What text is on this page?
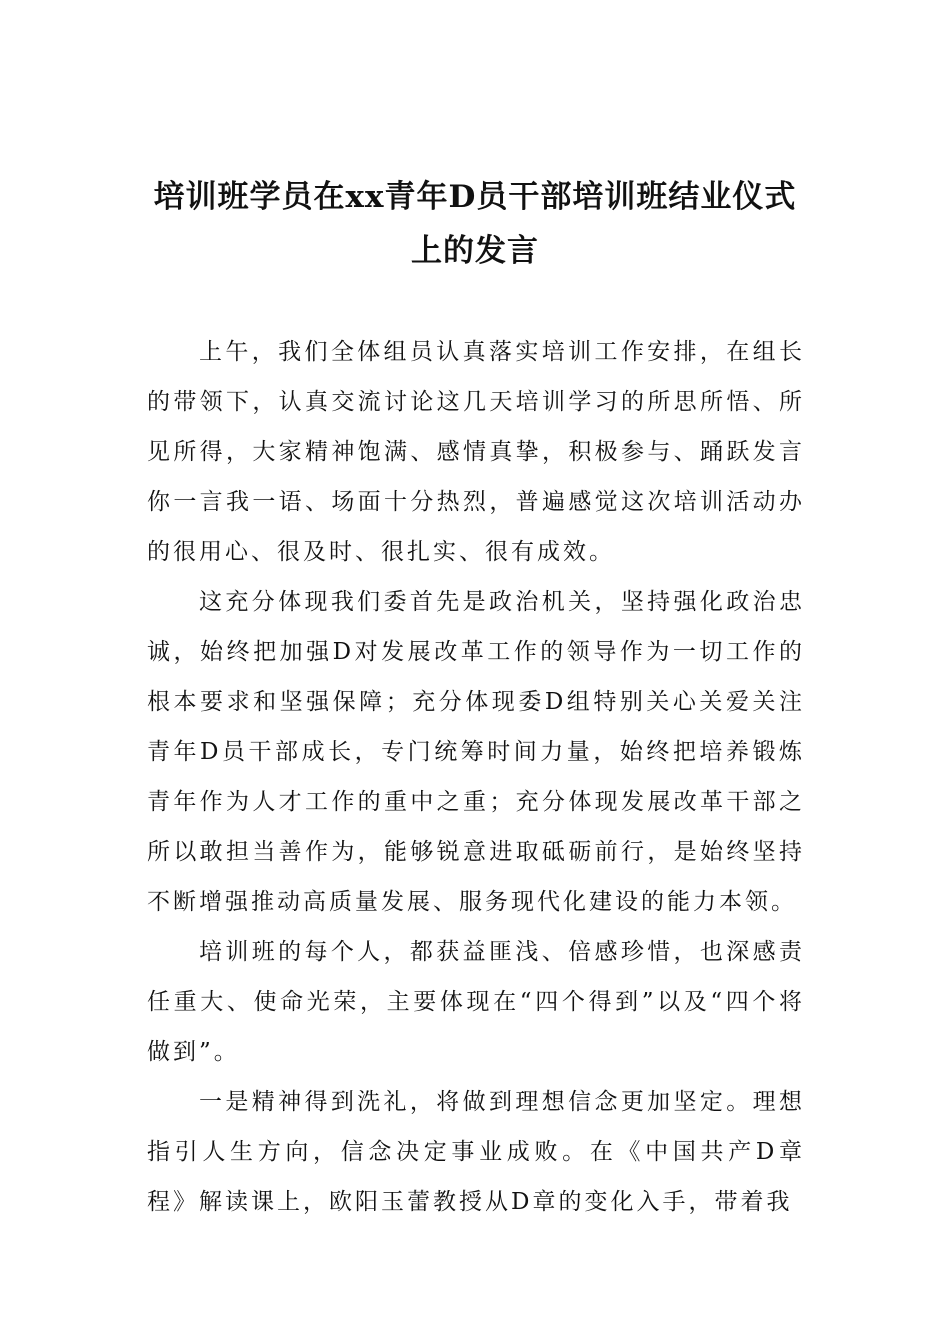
培训班学员在xx青年D员干部培训班结业仪式上的发言

上午，我们全体组员认真落实培训工作安排，在组长的带领下，认真交流讨论这几天培训学习的所思所悟、所见所得，大家精神饱满、感情真挚，积极参与、踊跃发言你一言我一语、场面十分热烈，普遍感觉这次培训活动办的很用心、很及时、很扎实、很有成效。

这充分体现我们委首先是政治机关，坚持强化政治忠诚，始终把加强D对发展改革工作的领导作为一切工作的根本要求和坚强保障；充分体现委D组特别关心关爱关注青年D员干部成长，专门统筹时间力量，始终把培养锻炼青年作为人才工作的重中之重；充分体现发展改革干部之所以敢担当善作为，能够锐意进取砥砺前行，是始终坚持不断增强推动高质量发展、服务现代化建设的能力本领。

培训班的每个人，都获益匪浅、倍感珍惜，也深感责任重大、使命光荣，主要体现在“四个得到”以及“四个将做到”。

一是精神得到洗礼，将做到理想信念更加坚定。理想指引人生方向，信念决定事业成败。在《中国共产D章程》解读课上，欧阳玉蕾教授从D章的变化入手，带着我
